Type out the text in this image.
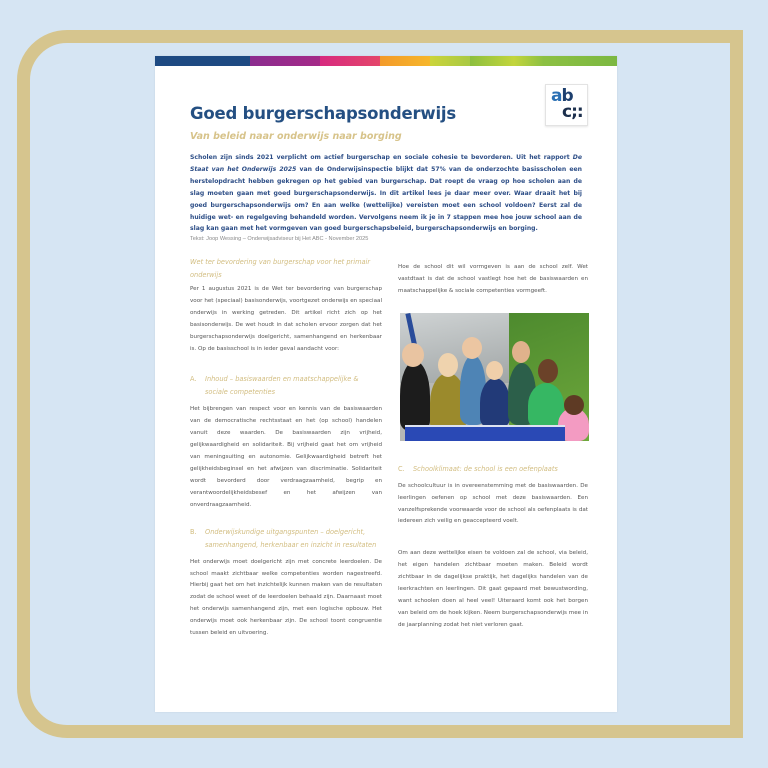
ab
c;:
Goed burgerschapsonderwijs
Van beleid naar onderwijs naar borging
Scholen zijn sinds 2021 verplicht om actief burgerschap en sociale cohesie te bevorderen. Uit het rapport De Staat van het Onderwijs 2025 van de Onderwijsinspectie blijkt dat 57% van de onderzochte basisscholen een herstelopdracht hebben gekregen op het gebied van burgerschap. Dat roept de vraag op hoe scholen aan de slag moeten gaan met goed burgerschapsonderwijs. In dit artikel lees je daar meer over. Waar draait het bij goed burgerschapsonderwijs om? En aan welke (wettelijke) vereisten moet een school voldoen? Eerst zal de huidige wet- en regelgeving behandeld worden. Vervolgens neem ik je in 7 stappen mee hoe jouw school aan de slag kan gaan met het vormgeven van goed burgerschapsbeleid, burgerschapsonderwijs en borging.
Tekst: Joop Wessing – Onderwijsadviseur bij Het ABC - November 2025
Wet ter bevordering van burgerschap voor het primair onderwijs
Per 1 augustus 2021 is de Wet ter bevordering van burgerschap voor het (speciaal) basisonderwijs, voortgezet onderwijs en speciaal onderwijs in werking getreden. Dit artikel richt zich op het basisonderwijs. De wet houdt in dat scholen ervoor zorgen dat het burgerschapsonderwijs doelgericht, samenhangend en herkenbaar is. Op de basisschool is in ieder geval aandacht voor:
A.	Inhoud – basiswaarden en maatschappelijke & sociale competenties
Het bijbrengen van respect voor en kennis van de basiswaarden van de democratische rechtsstaat en het (op school) handelen vanuit deze waarden. De basiswaarden zijn vrijheid, gelijkwaardigheid en solidariteit. Bij vrijheid gaat het om vrijheid van meningsuiting en autonomie. Gelijkwaardigheid betreft het gelijkheidsbeginsel en het afwijzen van discriminatie. Solidariteit wordt bevorderd door verdraagzaamheid, begrip en verantwoordelijkheidsbesef en het afwijzen van onverdraagzaamheid.
B.	Onderwijskundige uitgangspunten – doelgericht, samenhangend, herkenbaar en inzicht in resultaten
Het onderwijs moet doelgericht zijn met concrete leerdoelen. De school maakt zichtbaar welke competenties worden nagestreefd. Hierbij gaat het om het inzichtelijk kunnen maken van de resultaten zodat de school weet of de leerdoelen behaald zijn. Daarnaast moet het onderwijs samenhangend zijn, met een logische opbouw. Het onderwijs moet ook herkenbaar zijn. De school toont congruentie tussen beleid en uitvoering.
Hoe de school dit wil vormgeven is aan de school zelf. Wet vastdtaat is dat de school vastlegt hoe het de basiswaarden en maatschappelijke & sociale competenties vormgeeft.
C.	Schoolklimaat: de school is een oefenplaats
De schoolcultuur is in overeenstemming met de basiswaarden. De leerlingen oefenen op school met deze basiswaarden. Een vanzelfsprekende voorwaarde voor de school als oefenplaats is dat iedereen zich veilig en geaccepteerd voelt.
Om aan deze wettelijke eisen te voldoen zal de school, via beleid, het eigen handelen zichtbaar moeten maken. Beleid wordt zichtbaar in de dagelijkse praktijk, het dagelijks handelen van de leerkrachten en leerlingen. Dit gaat gepaard met bewustwording, want schoolen doen al heel veel! Uiteraard komt ook het borgen van beleid om de hoek kijken. Neem burgerschapsonderwijs mee in de jaarplanning zodat het niet verloren gaat.
